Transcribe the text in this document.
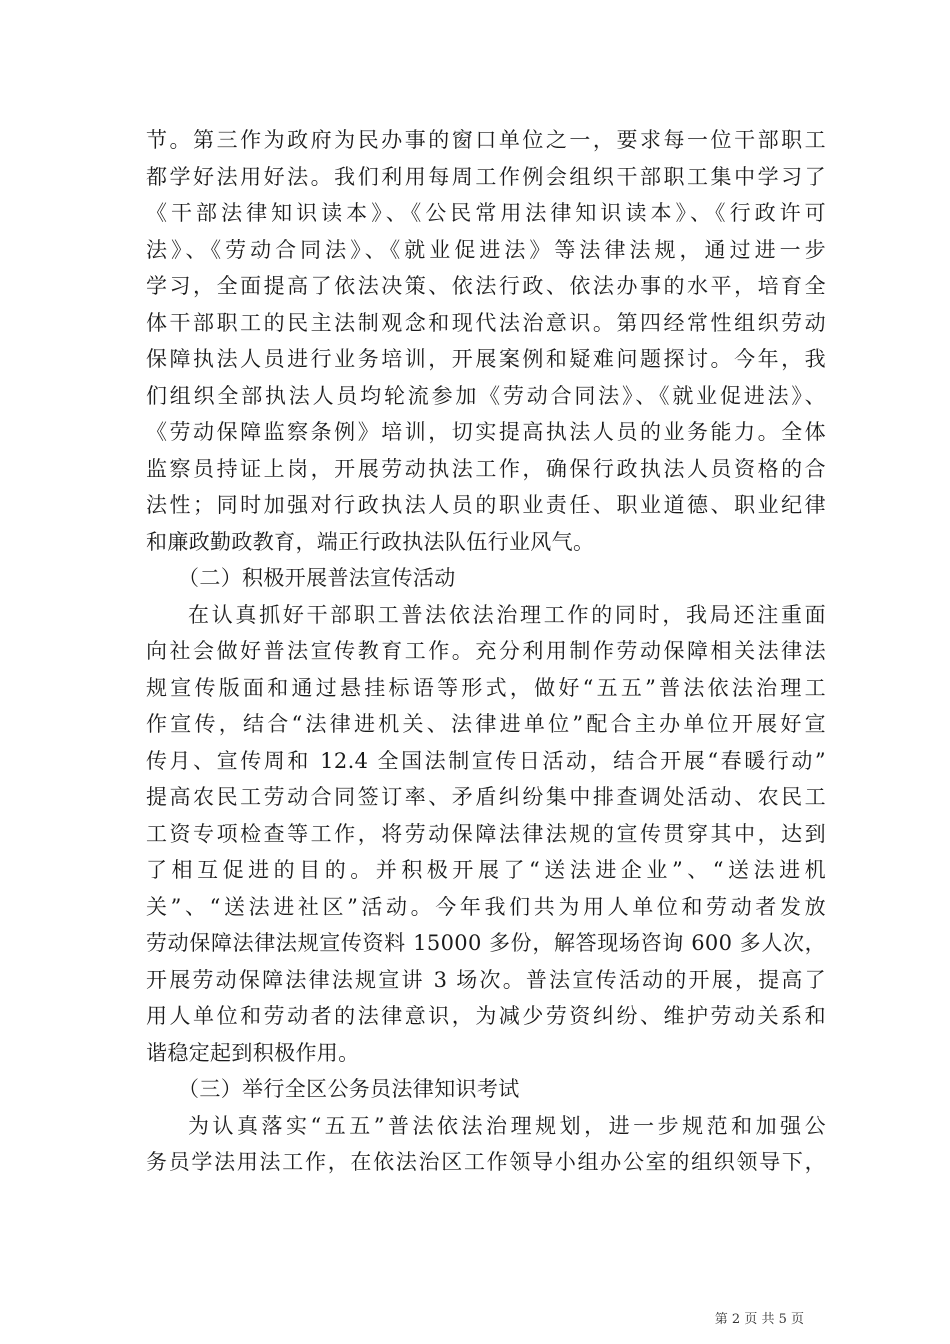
节。第三作为政府为民办事的窗口单位之一，要求每一位干部职工
都学好法用好法。我们利用每周工作例会组织干部职工集中学习了
《干部法律知识读本》、《公民常用法律知识读本》、《行政许可
法》、《劳动合同法》、《就业促进法》等法律法规，通过进一步
学习，全面提高了依法决策、依法行政、依法办事的水平，培育全
体干部职工的民主法制观念和现代法治意识。第四经常性组织劳动
保障执法人员进行业务培训，开展案例和疑难问题探讨。今年，我
们组织全部执法人员均轮流参加《劳动合同法》、《就业促进法》、
《劳动保障监察条例》培训，切实提高执法人员的业务能力。全体
监察员持证上岗，开展劳动执法工作，确保行政执法人员资格的合
法性；同时加强对行政执法人员的职业责任、职业道德、职业纪律
和廉政勤政教育，端正行政执法队伍行业风气。
（二）积极开展普法宣传活动
在认真抓好干部职工普法依法治理工作的同时，我局还注重面
向社会做好普法宣传教育工作。充分利用制作劳动保障相关法律法
规宣传版面和通过悬挂标语等形式，做好“五五”普法依法治理工
作宣传，结合“法律进机关、法律进单位”配合主办单位开展好宣
传月、宣传周和 12.4 全国法制宣传日活动，结合开展“春暖行动”
提高农民工劳动合同签订率、矛盾纠纷集中排查调处活动、农民工
工资专项检查等工作，将劳动保障法律法规的宣传贯穿其中，达到
了相互促进的目的。并积极开展了“送法进企业”、“送法进机
关”、“送法进社区”活动。今年我们共为用人单位和劳动者发放
劳动保障法律法规宣传资料 15000 多份，解答现场咨询 600 多人次，
开展劳动保障法律法规宣讲 3 场次。普法宣传活动的开展，提高了
用人单位和劳动者的法律意识，为减少劳资纠纷、维护劳动关系和
谐稳定起到积极作用。
（三）举行全区公务员法律知识考试
为认真落实“五五”普法依法治理规划，进一步规范和加强公
务员学法用法工作，在依法治区工作领导小组办公室的组织领导下，
第 2 页 共 5 页
